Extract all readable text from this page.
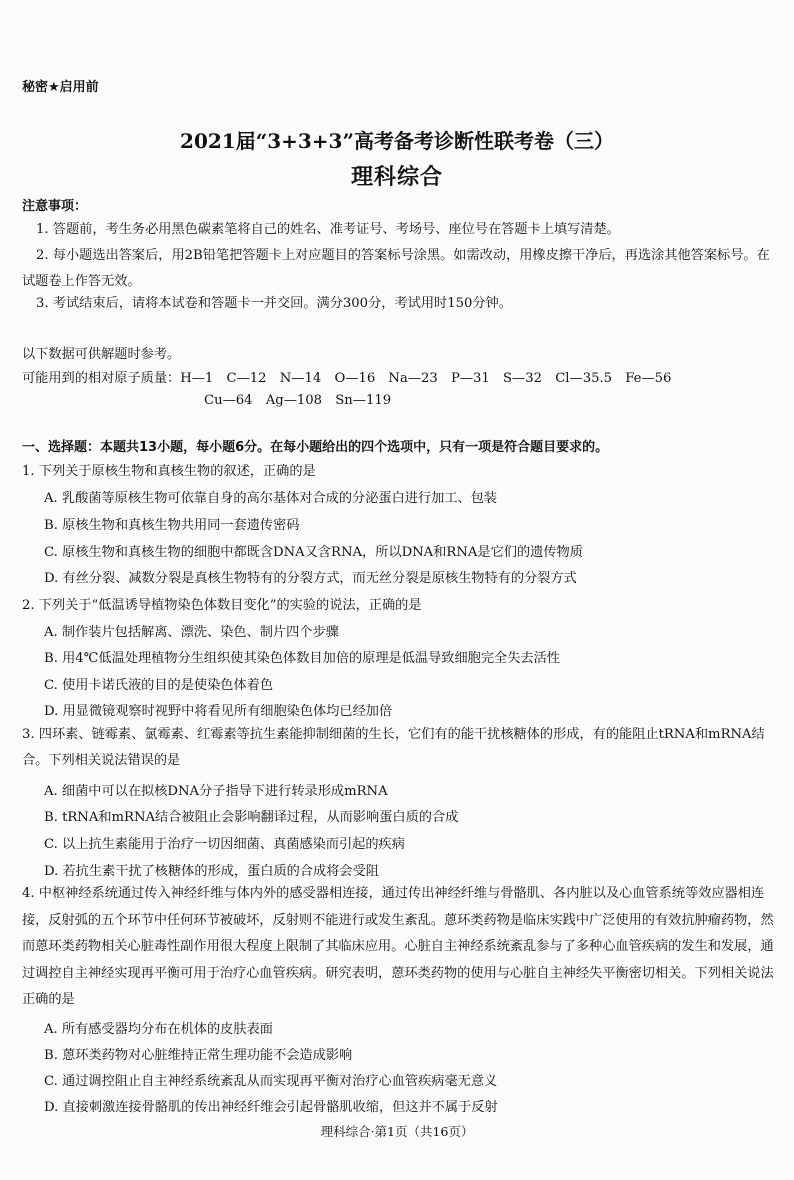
秘密★启用前
2021届“3+3+3”高考备考诊断性联考卷（三）
理科综合
注意事项：
1. 答题前，考生务必用黑色碳素笔将自己的姓名、准考证号、考场号、座位号在答题卡上填写清楚。
2. 每小题选出答案后，用2B铅笔把答题卡上对应题目的答案标号涂黑。如需改动，用橡皮擦干净后，再选涂其他答案标号。在试题卷上作答无效。
3. 考试结束后，请将本试卷和答题卡一并交回。满分300分，考试用时150分钟。
以下数据可供解题时参考。
可能用到的相对原子质量：H—1　C—12　N—14　O—16　Na—23　P—31　S—32　Cl—35.5　Fe—56
Cu—64　Ag—108　Sn—119
一、选择题：本题共13小题，每小题6分。在每小题给出的四个选项中，只有一项是符合题目要求的。
1. 下列关于原核生物和真核生物的叙述，正确的是
A. 乳酸菌等原核生物可依靠自身的高尔基体对合成的分泌蛋白进行加工、包装
B. 原核生物和真核生物共用同一套遗传密码
C. 原核生物和真核生物的细胞中都既含DNA又含RNA，所以DNA和RNA是它们的遗传物质
D. 有丝分裂、减数分裂是真核生物特有的分裂方式，而无丝分裂是原核生物特有的分裂方式
2. 下列关于“低温诱导植物染色体数目变化”的实验的说法，正确的是
A. 制作装片包括解离、漂洗、染色、制片四个步骤
B. 用4℃低温处理植物分生组织使其染色体数目加倍的原理是低温导致细胞完全失去活性
C. 使用卡诺氏液的目的是使染色体着色
D. 用显微镜观察时视野中将看见所有细胞染色体均已经加倍
3. 四环素、链霉素、氯霉素、红霉素等抗生素能抑制细菌的生长，它们有的能干扰核糖体的形成，有的能阻止tRNA和mRNA结合。下列相关说法错误的是
A. 细菌中可以在拟核DNA分子指导下进行转录形成mRNA
B. tRNA和mRNA结合被阻止会影响翻译过程，从而影响蛋白质的合成
C. 以上抗生素能用于治疗一切因细菌、真菌感染而引起的疾病
D. 若抗生素干扰了核糖体的形成，蛋白质的合成将会受阻
4. 中枢神经系统通过传入神经纤维与体内外的感受器相连接，通过传出神经纤维与骨骼肌、各内脏以及心血管系统等效应器相连接，反射弧的五个环节中任何环节被破坏，反射则不能进行或发生紊乱。蒽环类药物是临床实践中广泛使用的有效抗肿瘤药物，然而蒽环类药物相关心脏毒性副作用很大程度上限制了其临床应用。心脏自主神经系统紊乱参与了多种心血管疾病的发生和发展，通过调控自主神经实现再平衡可用于治疗心血管疾病。研究表明，蒽环类药物的使用与心脏自主神经失平衡密切相关。下列相关说法正确的是
A. 所有感受器均分布在机体的皮肤表面
B. 蒽环类药物对心脏维持正常生理功能不会造成影响
C. 通过调控阻止自主神经系统紊乱从而实现再平衡对治疗心血管疾病毫无意义
D. 直接刺激连接骨骼肌的传出神经纤维会引起骨骼肌收缩，但这并不属于反射
理科综合·第1页（共16页）
